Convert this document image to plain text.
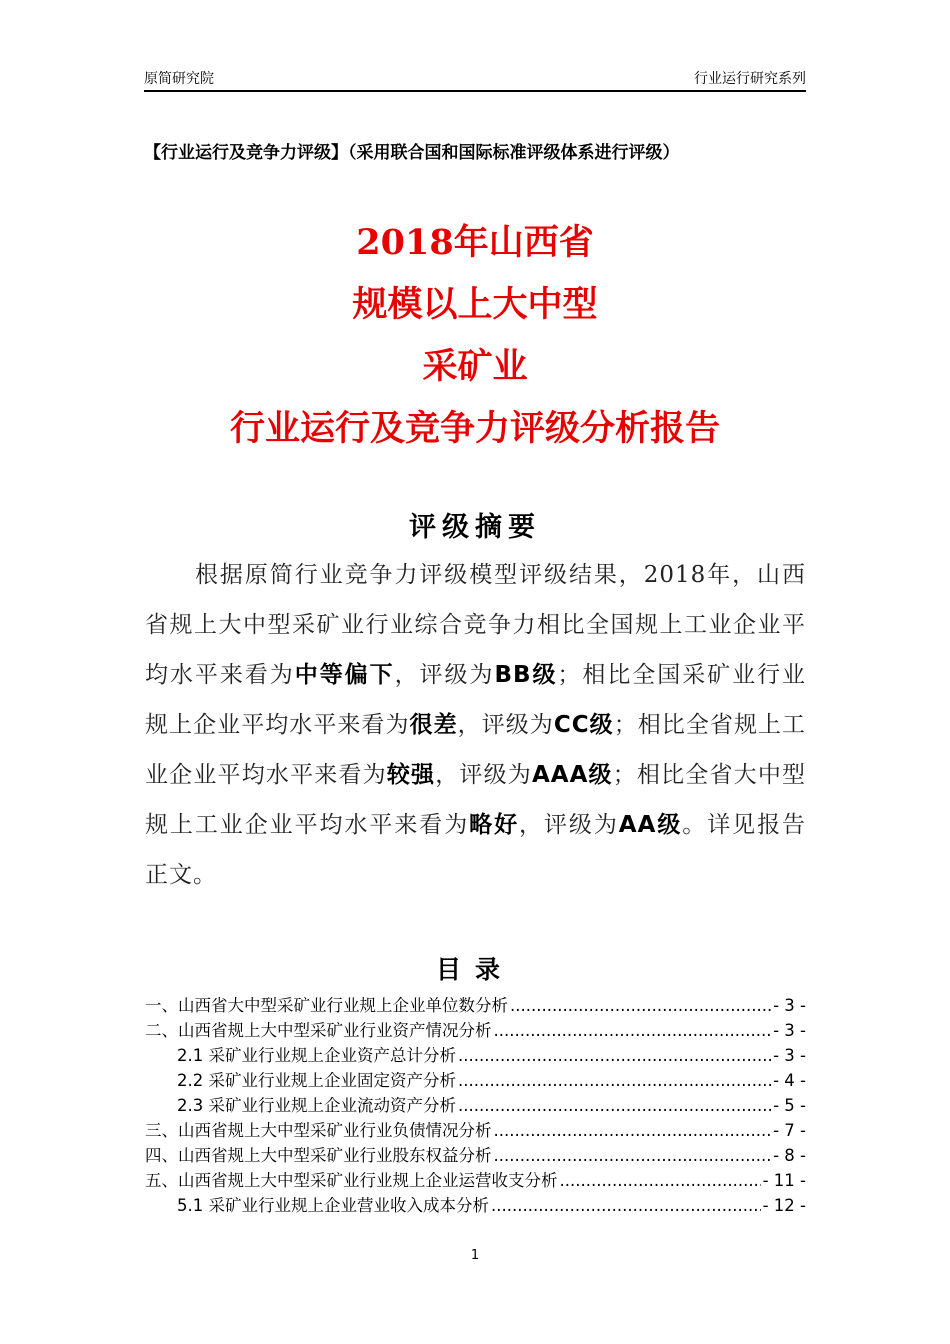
原简研究院	行业运行研究系列
【行业运行及竞争力评级】（采用联合国和国际标准评级体系进行评级）
2018年山西省
规模以上大中型
采矿业
行业运行及竞争力评级分析报告
评级摘要
根据原简行业竞争力评级模型评级结果，2018年，山西省规上大中型采矿业行业综合竞争力相比全国规上工业企业平均水平来看为中等偏下，评级为BB级；相比全国采矿业行业规上企业平均水平来看为很差，评级为CC级；相比全省规上工业企业平均水平来看为较强，评级为AAA级；相比全省大中型规上工业企业平均水平来看为略好，评级为AA级。详见报告正文。
目录
一、山西省大中型采矿业行业规上企业单位数分析 .....	- 3 -
二、山西省规上大中型采矿业行业资产情况分析 .....	- 3 -
2.1 采矿业行业规上企业资产总计分析 .....	- 3 -
2.2 采矿业行业规上企业固定资产分析 .....	- 4 -
2.3 采矿业行业规上企业流动资产分析 .....	- 5 -
三、山西省规上大中型采矿业行业负债情况分析 .....	- 7 -
四、山西省规上大中型采矿业行业股东权益分析 .....	- 8 -
五、山西省规上大中型采矿业行业规上企业运营收支分析 .....	- 11 -
5.1 采矿业行业规上企业营业收入成本分析 .....	- 12 -
1
